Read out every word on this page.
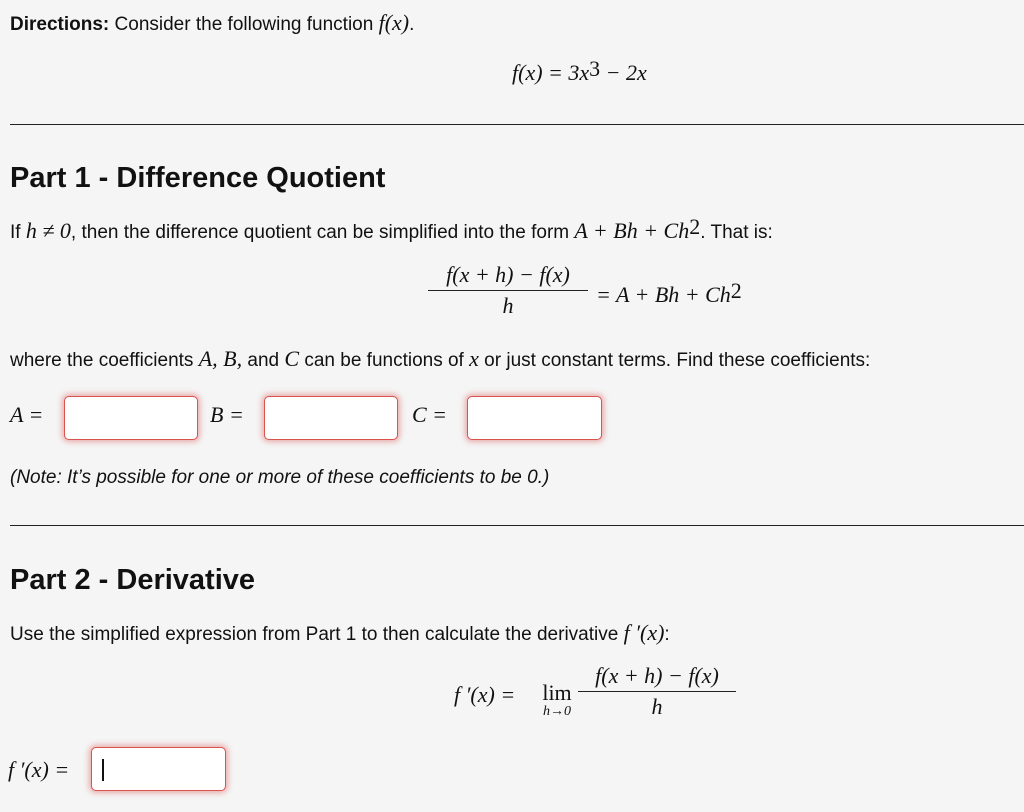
Directions: Consider the following function f(x).
$f(x) = 3x^3 - 2x$
Part 1 - Difference Quotient
If h ≠ 0, then the difference quotient can be simplified into the form $A + Bh + Ch^2$. That is:
f(x + h) − f(x)
h	= $A + Bh + Ch^2$
where the coefficients A, B, and C can be functions of x or just constant terms. Find these coefficients:
A =	B =	C =
(Note: It’s possible for one or more of these coefficients to be 0.)
Part 2 - Derivative
Use the simplified expression from Part 1 to then calculate the derivative f ′(x):
f ′(x) = lim
h→0
f(x + h) − f(x)
h
f ′(x) =
